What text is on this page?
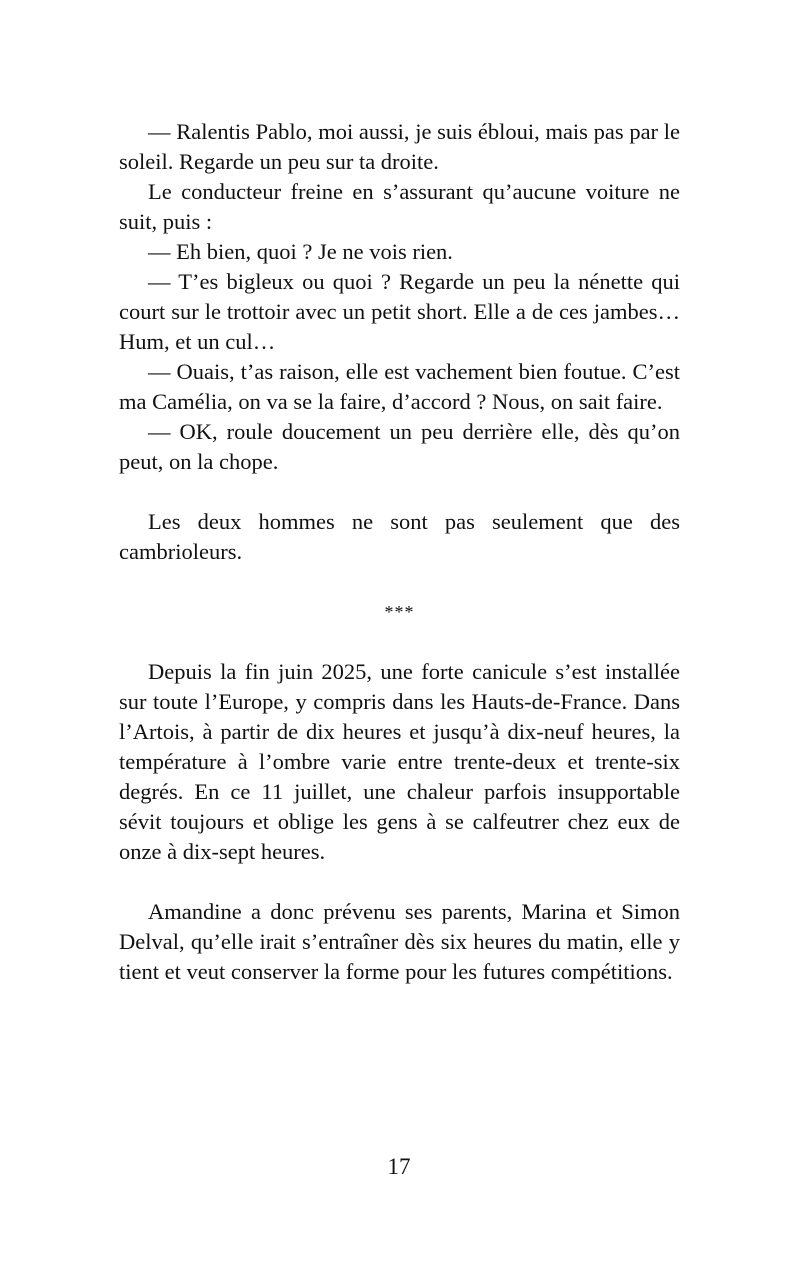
— Ralentis Pablo, moi aussi, je suis ébloui, mais pas par le soleil. Regarde un peu sur ta droite.

Le conducteur freine en s’assurant qu’aucune voiture ne suit, puis :

— Eh bien, quoi ? Je ne vois rien.

— T’es bigleux ou quoi ? Regarde un peu la nénette qui court sur le trottoir avec un petit short. Elle a de ces jambes… Hum, et un cul…

— Ouais, t’as raison, elle est vachement bien foutue. C’est ma Camélia, on va se la faire, d’accord ? Nous, on sait faire.

— OK, roule doucement un peu derrière elle, dès qu’on peut, on la chope.

Les deux hommes ne sont pas seulement que des cambrioleurs.

***

Depuis la fin juin 2025, une forte canicule s’est installée sur toute l’Europe, y compris dans les Hauts-de-France. Dans l’Artois, à partir de dix heures et jusqu’à dix-neuf heures, la température à l’ombre varie entre trente-deux et trente-six degrés. En ce 11 juillet, une chaleur parfois insupportable sévit toujours et oblige les gens à se calfeutrer chez eux de onze à dix-sept heures.

Amandine a donc prévenu ses parents, Marina et Simon Delval, qu’elle irait s’entraîner dès six heures du matin, elle y tient et veut conserver la forme pour les futures compétitions.

17
